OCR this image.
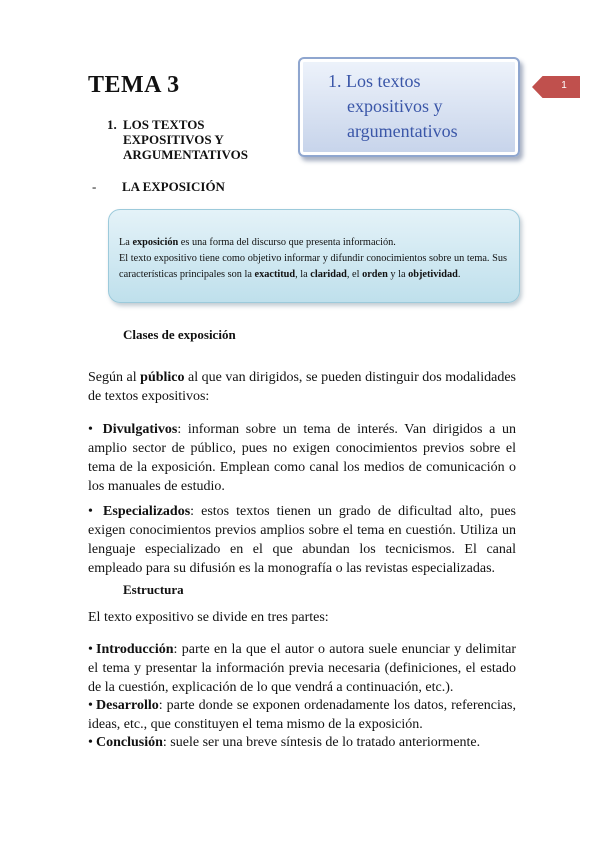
TEMA 3
1. LOS TEXTOS
EXPOSITIVOS Y
ARGUMENTATIVOS
1. Los textos
expositivos y
argumentativos
1
- LA EXPOSICIÓN
La exposición es una forma del discurso que presenta información.
El texto expositivo tiene como objetivo informar y difundir conocimientos sobre un tema. Sus características principales son la exactitud, la claridad, el orden y la objetividad.
Clases de exposición
Según al público al que van dirigidos, se pueden distinguir dos modalidades de textos expositivos:
• Divulgativos: informan sobre un tema de interés. Van dirigidos a un amplio sector de público, pues no exigen conocimientos previos sobre el tema de la exposición. Emplean como canal los medios de comunicación o los manuales de estudio.
• Especializados: estos textos tienen un grado de dificultad alto, pues exigen conocimientos previos amplios sobre el tema en cuestión. Utiliza un lenguaje especializado en el que abundan los tecnicismos. El canal empleado para su difusión es la monografía o las revistas especializadas.
Estructura
El texto expositivo se divide en tres partes:
• Introducción: parte en la que el autor o autora suele enunciar y delimitar el tema y presentar la información previa necesaria (definiciones, el estado de la cuestión, explicación de lo que vendrá a continuación, etc.).
• Desarrollo: parte donde se exponen ordenadamente los datos, referencias, ideas, etc., que constituyen el tema mismo de la exposición.
• Conclusión: suele ser una breve síntesis de lo tratado anteriormente.
